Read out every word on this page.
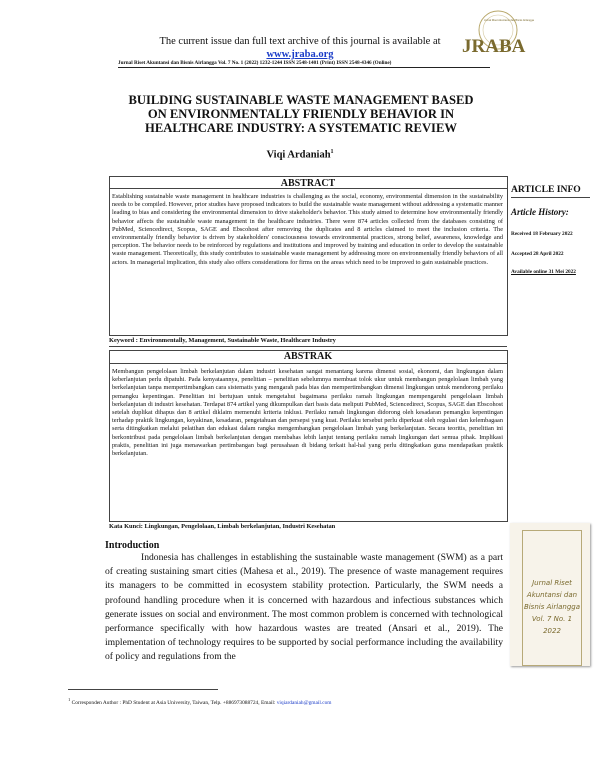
The current issue dan full text archive of this journal is available at
www.jraba.org
Jurnal Riset Akuntansi dan Bisnis Airlangga Vol. 7 No. 1 (2022) 1232-1244 ISSN 2548-1401 (Print) ISSN 2548-4346 (Online)
JRABA
Jurnal Riset Akuntansi dan Bisnis Airlangga
BUILDING SUSTAINABLE WASTE MANAGEMENT BASED
ON ENVIRONMENTALLY FRIENDLY BEHAVIOR IN
HEALTHCARE INDUSTRY: A SYSTEMATIC REVIEW
Viqi Ardaniah$^1$
ABSTRACT
Establishing sustainable waste management in healthcare industries is challenging as the social, economy, environmental dimension in the sustainability needs to be compiled. However, prior studies have proposed indicators to build the sustainable waste management without addressing a systematic manner leading to bias and considering the environmental dimension to drive stakeholder's behavior. This study aimed to determine how environmentally friendly behavior affects the sustainable waste management in the healthcare industries. There were 874 articles collected from the databases consisting of PubMed, Sciencedirect, Scopus, SAGE and Ebscohost after removing the duplicates and 8 articles claimed to meet the inclusion criteria. The environmentally friendly behavior is driven by stakeholders' consciousness towards environmental practices, strong belief, awareness, knowledge and perception. The behavior needs to be reinforced by regulations and institutions and improved by training and education in order to develop the sustainable waste management. Theoretically, this study contributes to sustainable waste management by addressing more on environmentally friendly behaviors of all actors. In managerial implication, this study also offers considerations for firms on the areas which need to be improved to gain sustainable practices.
Keyword : Environmentally, Management, Sustainable Waste, Healthcare Industry
ABSTRAK
Membangun pengelolaan limbah berkelanjutan dalam industri kesehatan sangat menantang karena dimensi sosial, ekonomi, dan lingkungan dalam keberlanjutan perlu dipatuhi. Pada kenyataannya, penelitian – penelitian sebelumnya membuat tolok ukur untuk membangun pengelolaan limbah yang berkelanjutan tanpa mempertimbangkan cara sistematis yang mengarah pada bias dan mempertimbangkan dimensi lingkungan untuk mendorong perilaku pemangku kepentingan. Penelitian ini bertujuan untuk mengetahui bagaimana perilaku ramah lingkungan mempengaruhi pengelolaan limbah berkelanjutan di industri kesehatan. Terdapat 874 artikel yang dikumpulkan dari basis data meliputi PubMed, Sciencedirect, Scopus, SAGE dan Ebscohost setelah duplikat dihapus dan 8 artikel diklaim memenuhi kriteria inklusi. Perilaku ramah lingkungan didorong oleh kesadaran pemangku kepentingan terhadap praktik lingkungan, keyakinan, kesadaran, pengetahuan dan persepsi yang kuat. Perilaku tersebut perlu diperkuat oleh regulasi dan kelembagaan serta ditingkatkan melalui pelatihan dan edukasi dalam rangka mengembangkan pengelolaan limbah yang berkelanjutan. Secara teoritis, penelitian ini berkontribusi pada pengelolaan limbah berkelanjutan dengan membahas lebih lanjut tentang perilaku ramah lingkungan dari semua pihak. Implikasi praktis, penelitian ini juga menawarkan pertimbangan bagi perusahaan di bidang terkait hal-hal yang perlu ditingkatkan guna mendapatkan praktik berkelanjutan.
Kata Kunci: Lingkungan, Pengelolaan, Limbah berkelanjutan, Industri Kesehatan
ARTICLE INFO
Article History:
Received 18 February 2022
Accepted 28 April 2022
Available online 31 Mei 2022
Jurnal Riset
Akuntansi dan
Bisnis Airlangga
Vol. 7 No. 1
2022
Introduction
Indonesia has challenges in establishing the sustainable waste management (SWM) as a part of creating sustaining smart cities (Mahesa et al., 2019). The presence of waste management requires its managers to be committed in ecosystem stability protection. Particularly, the SWM needs a profound handling procedure when it is concerned with hazardous and infectious substances which generate issues on social and environment. The most common problem is concerned with technological performance specifically with how hazardous wastes are treated (Ansari et al., 2019). The implementation of technology requires to be supported by social performance including the availability of policy and regulations from the
$^1$ Corresponden Author : PhD Student at Asia University, Taiwan, Telp. +886973088724, Email: viqiardaniah@gmail.com
